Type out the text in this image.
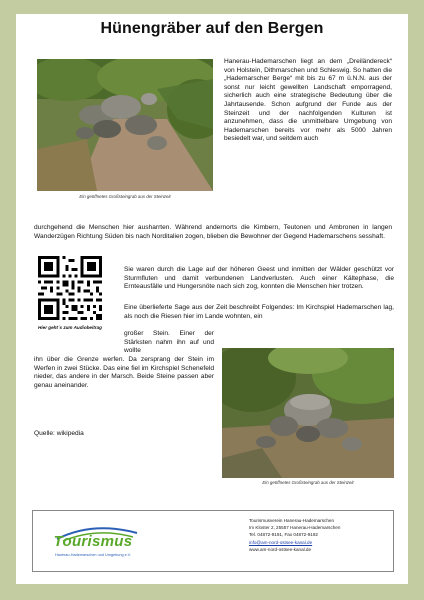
Hünengräber auf den Bergen
Ein geöffnetes Großsteingrab aus der Steinzeit
Hanerau-Hademarschen liegt an dem „Dreiländereck“ von Holstein, Dithmarschen und Schleswig. So hatten die „Hademarscher Berge“ mit bis zu 67 m ü.N.N. aus der sonst nur leicht gewellten Landschaft emporragend, sicherlich auch eine strategische Bedeutung über die Jahrtausende. Schon aufgrund der Funde aus der Steinzeit und der nachfolgenden Kulturen ist anzunehmen, dass die unmittelbare Umgebung von Hademarschen bereits vor mehr als 5000 Jahren besiedelt war, und seitdem auch
durchgehend die Menschen hier ausharrten. Während andernorts die Kimbern, Teutonen und Ambronen in langen Wanderzügen Richtung Süden bis nach Norditalien zogen, blieben die Bewohner der Gegend Hademarschens sesshaft.
Hier geht´s zum Audiobeitrag
Sie waren durch die Lage auf der höheren Geest und inmitten der Wälder geschützt vor Sturmfluten und damit verbundenen Landverlusten. Auch einer Kältephase, die Ernteausfälle und Hungersnöte nach sich zog, konnten die Menschen hier trotzen.
Eine überlieferte Sage aus der Zeit beschreibt Folgendes: Im Kirchspiel Hademarschen lag, als noch die Riesen hier im Lande wohnten, ein
großer Stein. Einer der Stärksten nahm ihn auf und wollte
ihn über die Grenze werfen. Da zersprang der Stein im Werfen in zwei Stücke. Das eine fiel im Kirchspiel Schenefeld nieder, das andere in der Marsch. Beide Steine passen aber genau aneinander.
Quelle: wikipedia
Ein geöffnetes Großsteingrab aus der Steinzeit
Tourismus
Hanerau-Hademarschen und Umgebung e.V.
Tourismusverein Hanerau-Hademarschen
Im Kloster 2, 25557 Hanerau-Hademarschen
Tel. 04872-9191, Fax 04872-9192
info@am-nord-ostsee-kanal.de
www.am-nord-ostsee-kanal.de
